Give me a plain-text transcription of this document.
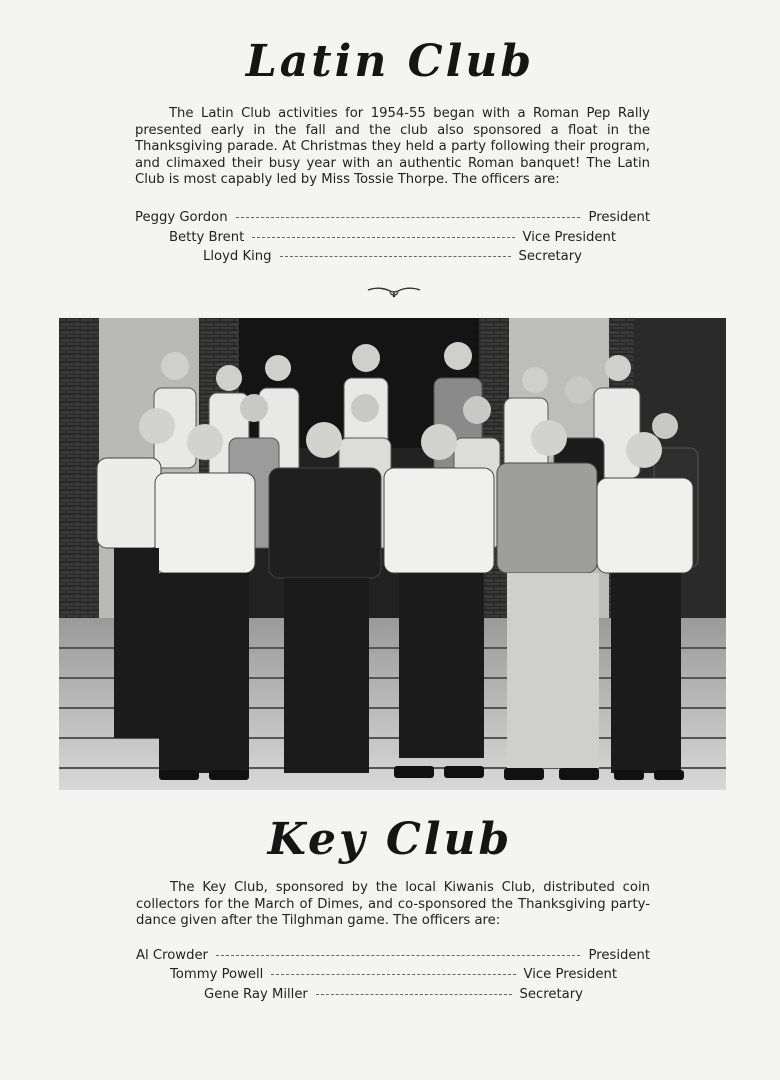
Latin Club

The Latin Club activities for 1954-55 began with a Roman Pep Rally presented early in the fall and the club also sponsored a float in the Thanksgiving parade. At Christmas they held a party following their program, and climaxed their busy year with an authentic Roman banquet! The Latin Club is most capably led by Miss Tossie Thorpe. The officers are:

Peggy Gordon	President
Betty Brent	Vice President
Lloyd King	Secretary
Key Club

The Key Club, sponsored by the local Kiwanis Club, distributed coin collectors for the March of Dimes, and co-sponsored the Thanksgiving party-dance given after the Tilghman game. The officers are:

Al Crowder	President
Tommy Powell	Vice President
Gene Ray Miller	Secretary
